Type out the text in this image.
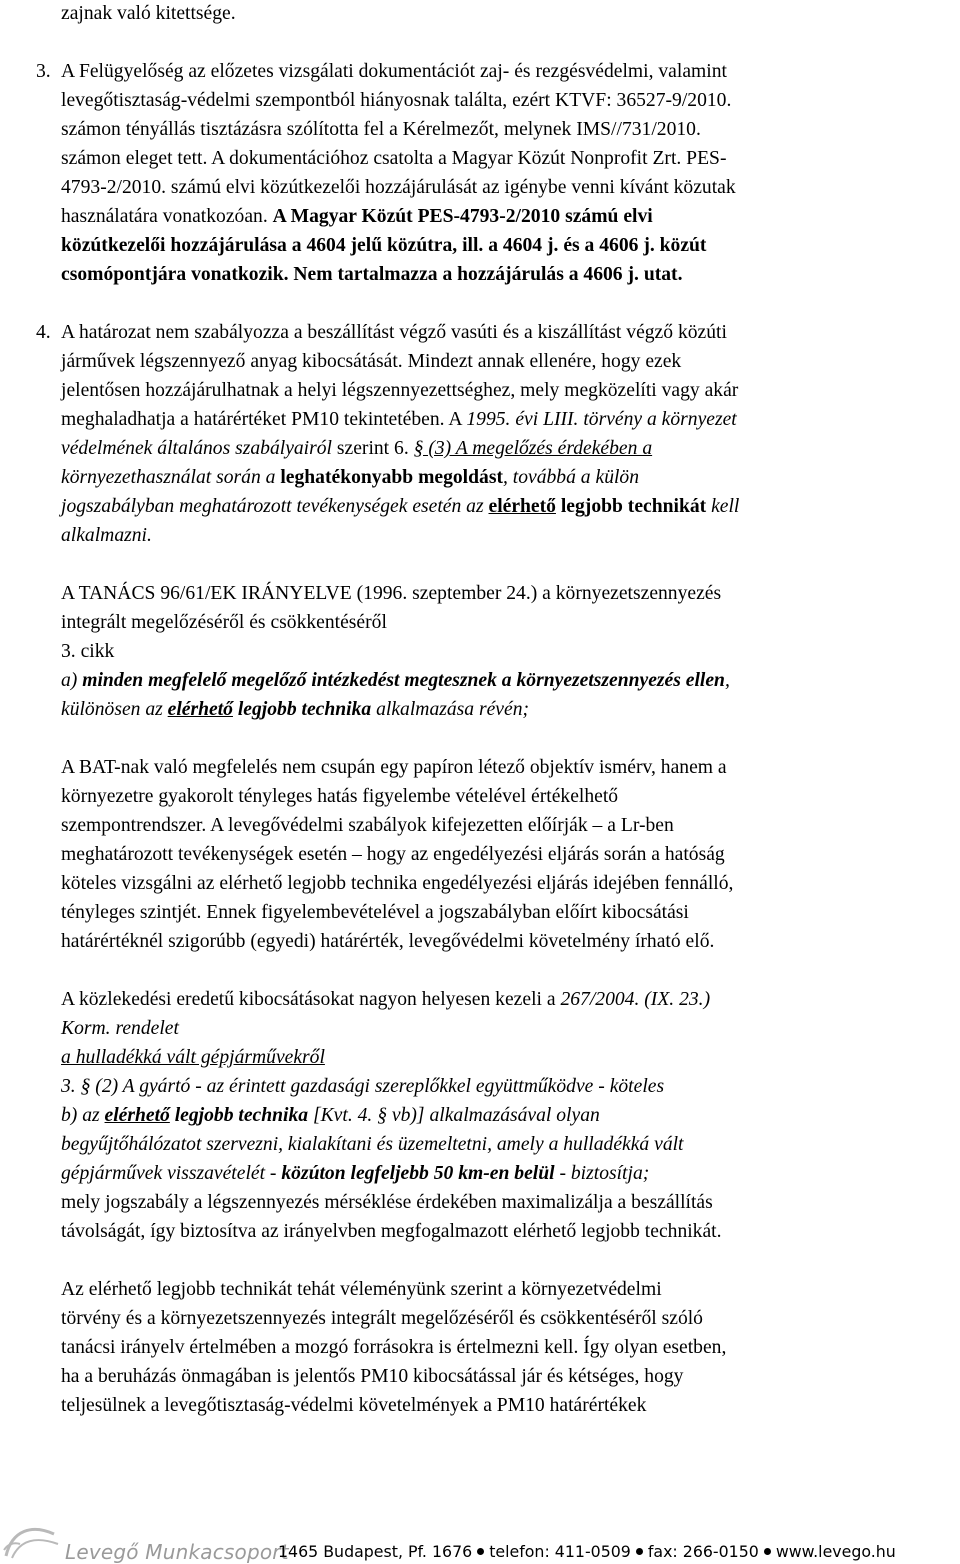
zajnak való kitettsége.
3. A Felügyelőség az előzetes vizsgálati dokumentációt zaj- és rezgésvédelmi, valamint
levegőtisztaság-védelmi szempontból hiányosnak találta, ezért KTVF: 36527-9/2010.
számon tényállás tisztázásra szólította fel a Kérelmezőt, melynek IMS//731/2010.
számon eleget tett. A dokumentációhoz csatolta a Magyar Közút Nonprofit Zrt. PES-
4793-2/2010. számú elvi közútkezelői hozzájárulását az igénybe venni kívánt közutak
használatára vonatkozóan. A Magyar Közút PES-4793-2/2010 számú elvi
közútkezelői hozzájárulása a 4604 jelű közútra, ill. a 4604 j. és a 4606 j. közút
csomópontjára vonatkozik. Nem tartalmazza a hozzájárulás a 4606 j. utat.
4. A határozat nem szabályozza a beszállítást végző vasúti és a kiszállítást végző közúti
járművek légszennyező anyag kibocsátását. Mindezt annak ellenére, hogy ezek
jelentősen hozzájárulhatnak a helyi légszennyezettséghez, mely megközelíti vagy akár
meghaladhatja a határértéket PM10 tekintetében. A 1995. évi LIII. törvény a környezet
védelmének általános szabályairól szerint 6. § (3) A megelőzés érdekében a
környezethasználat során a leghatékonyabb megoldást, továbbá a külön
jogszabályban meghatározott tevékenységek esetén az elérhető legjobb technikát kell
alkalmazni.
A TANÁCS 96/61/EK IRÁNYELVE (1996. szeptember 24.) a környezetszennyezés
integrált megelőzéséről és csökkentéséről
3. cikk
a) minden megfelelő megelőző intézkedést megtesznek a környezetszennyezés ellen,
különösen az elérhető legjobb technika alkalmazása révén;
A BAT-nak való megfelelés nem csupán egy papíron létező objektív ismérv, hanem a
környezetre gyakorolt tényleges hatás figyelembe vételével értékelhető
szempontrendszer. A levegővédelmi szabályok kifejezetten előírják – a Lr-ben
meghatározott tevékenységek esetén – hogy az engedélyezési eljárás során a hatóság
köteles vizsgálni az elérhető legjobb technika engedélyezési eljárás idejében fennálló,
tényleges szintjét. Ennek figyelembevételével a jogszabályban előírt kibocsátási
határértéknél szigorúbb (egyedi) határérték, levegővédelmi követelmény írható elő.
A közlekedési eredetű kibocsátásokat nagyon helyesen kezeli a 267/2004. (IX. 23.)
Korm. rendelet
a hulladékká vált gépjárművekről
3. § (2) A gyártó - az érintett gazdasági szereplőkkel együttműködve - köteles
b) az elérhető legjobb technika [Kvt. 4. § vb)] alkalmazásával olyan
begyűjtőhálózatot szervezni, kialakítani és üzemeltetni, amely a hulladékká vált
gépjárművek visszavételét - közúton legfeljebb 50 km-en belül - biztosítja;
mely jogszabály a légszennyezés mérséklése érdekében maximalizálja a beszállítás
távolságát, így biztosítva az irányelvben megfogalmazott elérhető legjobb technikát.
Az elérhető legjobb technikát tehát véleményünk szerint a környezetvédelmi
törvény és a környezetszennyezés integrált megelőzéséről és csökkentéséről szóló
tanácsi irányelv értelmében a mozgó forrásokra is értelmezni kell. Így olyan esetben,
ha a beruházás önmagában is jelentős PM10 kibocsátással jár és kétséges, hogy
teljesülnek a levegőtisztaság-védelmi követelmények a PM10 határértékek
Levegő Munkacsoport
1465 Budapest, Pf. 1676 telefon: 411-0509 fax: 266-0150 www.levego.hu
